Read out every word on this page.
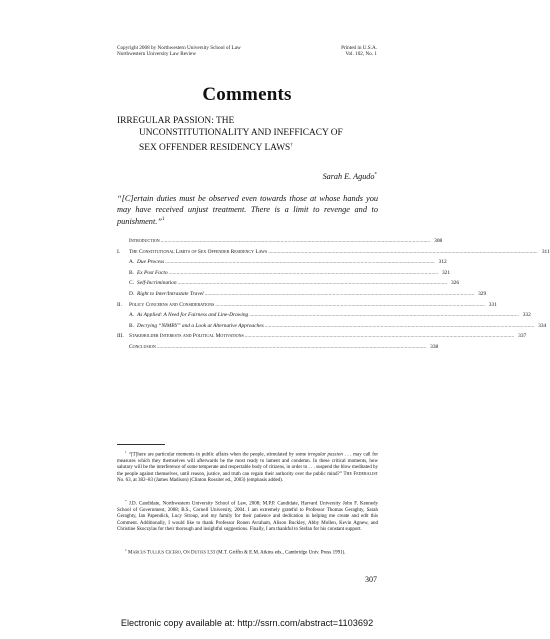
Copyright 2008 by Northwestern University School of Law
Northwestern University Law Review
Printed in U.S.A.
Vol. 102, No. 1
Comments
IRREGULAR PASSION: THE
UNCONSTITUTIONALITY AND INEFFICACY OF
SEX OFFENDER RESIDENCY LAWS†
Sarah E. Agudo*
“[C]ertain duties must be observed even towards those at whose hands you may have received unjust treatment. There is a limit to revenge and to punishment.”$^1$
Introduction ........................................................................................................................................................................................................ 308
I.	The Constitutional Limits of Sex Offender Residency Laws ........................................................................................................................................................................................................ 311
A. Due Process ........................................................................................................................................................................................................ 312
B. Ex Post Facto ........................................................................................................................................................................................................ 321
C. Self-Incrimination ........................................................................................................................................................................................................ 326
D. Right to Inter/Intrastate Travel ........................................................................................................................................................................................................ 329
II.	Policy Concerns and Considerations ........................................................................................................................................................................................................ 331
A. As Applied: A Need for Fairness and Line-Drawing ........................................................................................................................................................................................................ 332
B. Decrying “NIMBY” and a Look at Alternative Approaches ........................................................................................................................................................................................................ 334
III. Stakeholder Interests and Political Motivations ........................................................................................................................................................................................................ 337
Conclusion ........................................................................................................................................................................................................ 338
† “[T]here are particular moments in public affairs when the people, stimulated by some irregular passion . . . may call for measures which they themselves will afterwards be the most ready to lament and condemn. In these critical moments, how salutary will be the interference of some temperate and respectable body of citizens, in order to . . . suspend the blow meditated by the people against themselves, until reason, justice, and truth can regain their authority over the public mind?” The Federalist No. 63, at 382–83 (James Madison) (Clinton Rossiter ed., 2003) (emphasis added).
* J.D. Candidate, Northwestern University School of Law, 2008; M.P.P. Candidate, Harvard University John F. Kennedy School of Government, 2008; B.S., Cornell University, 2004. I am extremely grateful to Professor Thomas Geraghty, Sarah Geraghty, Ian Papendick, Lucy Stroup, and my family for their patience and dedication in helping me create and edit this Comment. Additionally, I would like to thank Professor Ronen Avraham, Alison Buckley, Abby Mollen, Kevin Agnew, and Christine Skoczylas for their thorough and insightful suggestions. Finally, I am thankful to Stefan for his constant support.
$^1$ Marcus Tullius Cicero, On Duties I.33 (M.T. Griffin & E.M. Atkins eds., Cambridge Univ. Press 1991).
307
Electronic copy available at: http://ssrn.com/abstract=1103692
